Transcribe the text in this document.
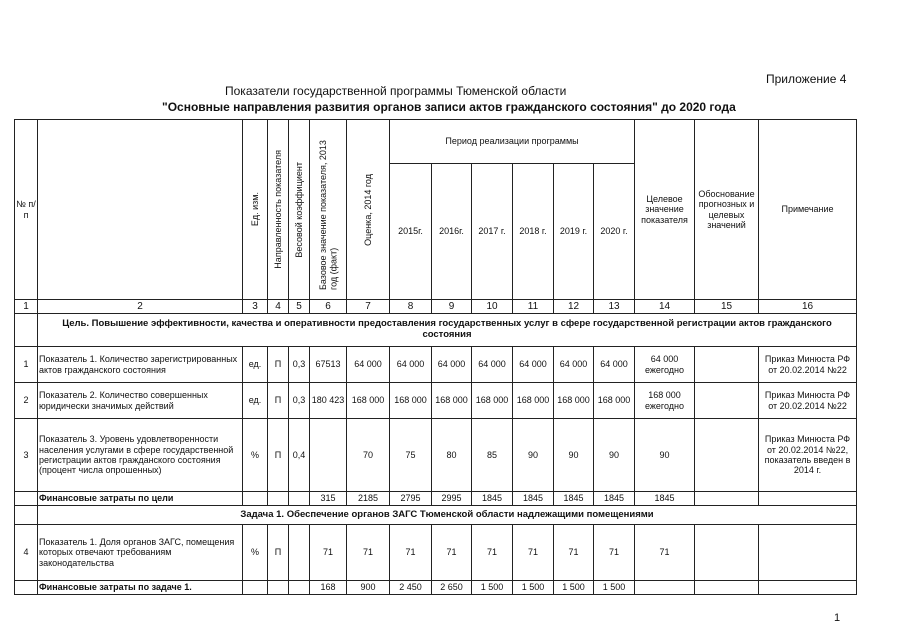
Приложение 4
Показатели государственной программы Тюменской области
"Основные направления развития органов записи актов гражданского состояния" до 2020 года
№ п/п		Ед. изм.	Направленность показателя	Весовой коэффициент	Базовое значение показателя, 2013 год (факт)	Оценка, 2014 год	Период реализации программы						Целевое значение показателя	Обоснование прогнозных и целевых значений	Примечание
							2015г.	2016г.	2017 г.	2018 г.	2019 г.	2020 г.			
1	2	3	4	5	6	7	8	9	10	11	12	13	14	15	16
	Цель. Повышение эффективности, качества и оперативности предоставления государственных услуг в сфере государственной регистрации актов гражданского состояния														
1	Показатель 1. Количество зарегистрированных актов гражданского состояния	ед.	П	0,3	67513	64 000	64 000	64 000	64 000	64 000	64 000	64 000	64 000 ежегодно		Приказ Минюста РФ от 20.02.2014 №22
2	Показатель 2. Количество совершенных юридически значимых действий	ед.	П	0,3	180 423	168 000	168 000	168 000	168 000	168 000	168 000	168 000	168 000 ежегодно		Приказ Минюста РФ от 20.02.2014 №22
3	Показатель 3. Уровень удовлетворенности населения услугами в сфере государственной регистрации актов гражданского состояния (процент числа опрошенных)	%	П	0,4		70	75	80	85	90	90	90	90		Приказ Минюста РФ от 20.02.2014 №22, показатель введен в 2014 г.
	Финансовые затраты по цели				315	2185	2795	2995	1845	1845	1845	1845	1845		
	Задача 1. Обеспечение органов ЗАГС Тюменской области надлежащими помещениями														
4	Показатель 1. Доля органов ЗАГС, помещения которых отвечают требованиям законодательства	%	П		71	71	71	71	71	71	71	71	71		
	Финансовые затраты по задаче 1.				168	900	2 450	2 650	1 500	1 500	1 500	1 500			
1
